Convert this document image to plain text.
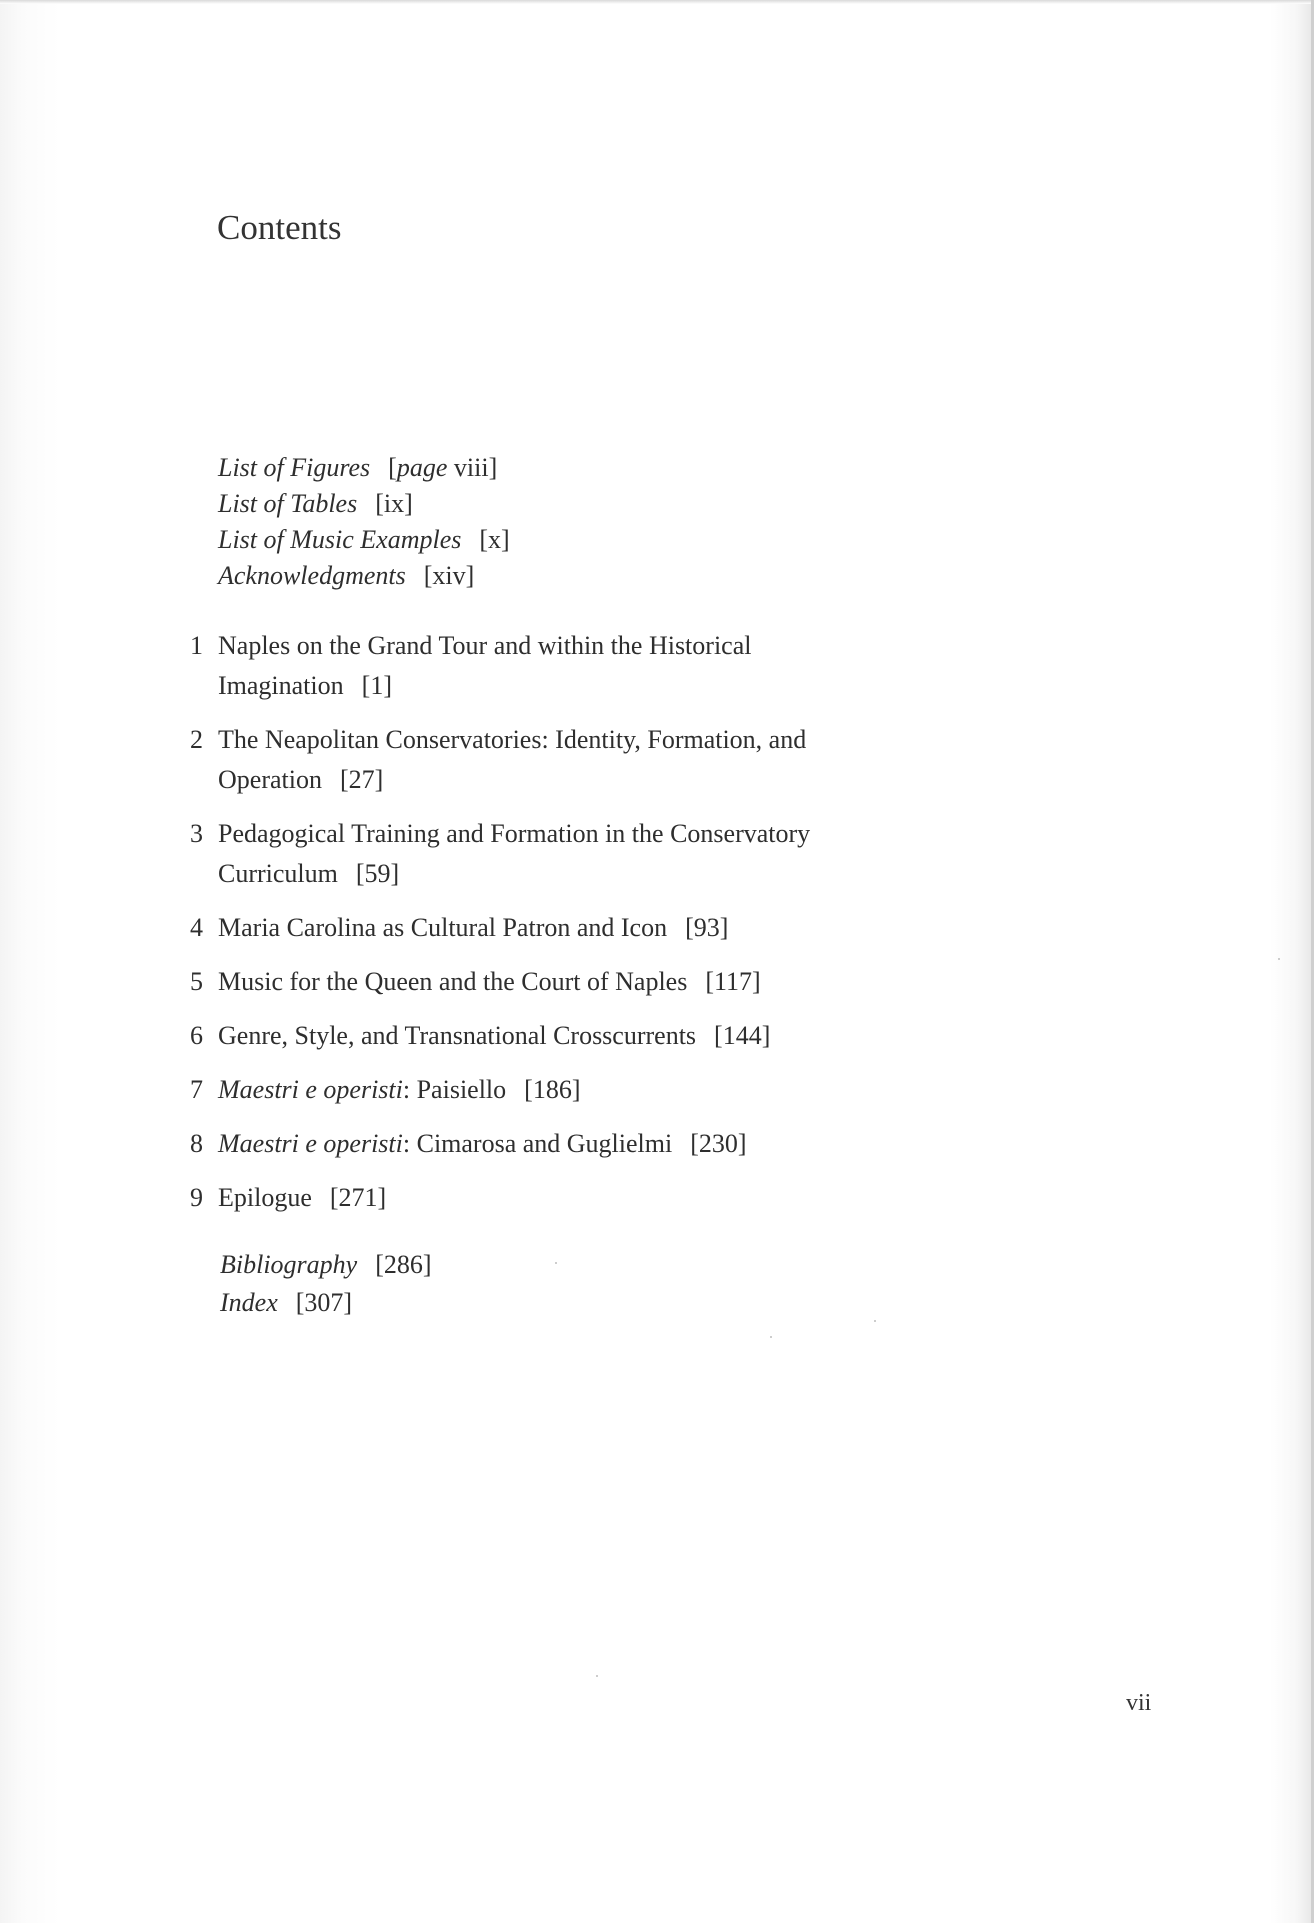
Contents
List of Figures [page viii]
List of Tables [ix]
List of Music Examples [x]
Acknowledgments [xiv]
1 Naples on the Grand Tour and within the Historical
Imagination [1]
2 The Neapolitan Conservatories: Identity, Formation, and
Operation [27]
3 Pedagogical Training and Formation in the Conservatory
Curriculum [59]
4 Maria Carolina as Cultural Patron and Icon [93]
5 Music for the Queen and the Court of Naples [117]
6 Genre, Style, and Transnational Crosscurrents [144]
7 Maestri e operisti: Paisiello [186]
8 Maestri e operisti: Cimarosa and Guglielmi [230]
9 Epilogue [271]
Bibliography [286]
Index [307]
vii
